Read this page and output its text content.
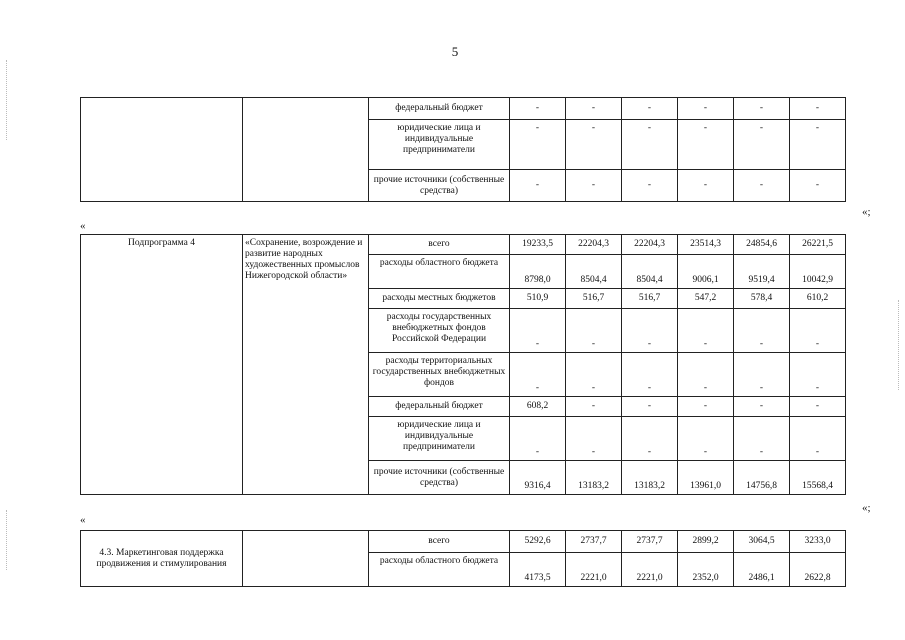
5
		федеральный бюджет	-	-	-	-	-	-
		юридические лица и индивидуальные предприниматели	-	-	-	-	-	-
		прочие источники (собственные средства)	-	-	-	-	-	-
«
«;
Подпрограмма 4	«Сохранение, возрождение и развитие народных художественных промыслов Нижегородской области»	всего	19233,5	22204,3	22204,3	23514,3	24854,6	26221,5
		расходы областного бюджета	8798,0	8504,4	8504,4	9006,1	9519,4	10042,9
		расходы местных бюджетов	510,9	516,7	516,7	547,2	578,4	610,2
		расходы государственных внебюджетных фондов Российской Федерации	-	-	-	-	-	-
		расходы территориальных государственных внебюджетных фондов	-	-	-	-	-	-
		федеральный бюджет	608,2	-	-	-	-	-
		юридические лица и индивидуальные предприниматели	-	-	-	-	-	-
		прочие источники (собственные средства)	9316,4	13183,2	13183,2	13961,0	14756,8	15568,4
«
«;
4.3. Маркетинговая поддержка продвижения и стимулирования		всего	5292,6	2737,7	2737,7	2899,2	3064,5	3233,0
		расходы областного бюджета	4173,5	2221,0	2221,0	2352,0	2486,1	2622,8
